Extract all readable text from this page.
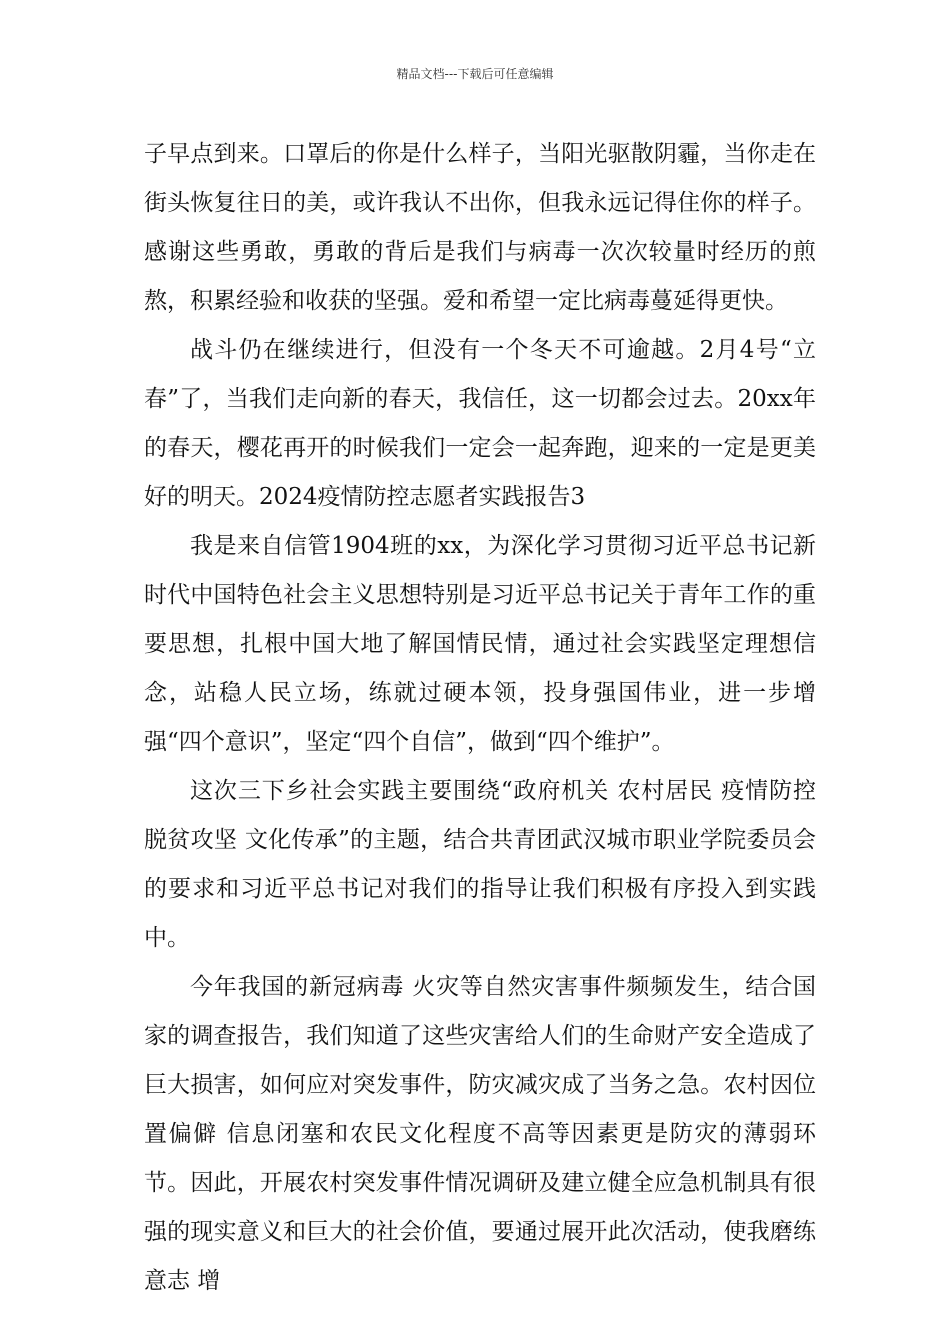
精品文档---下载后可任意编辑

子早点到来。口罩后的你是什么样子，当阳光驱散阴霾，当你走在街头恢复往日的美，或许我认不出你，但我永远记得住你的样子。感谢这些勇敢，勇敢的背后是我们与病毒一次次较量时经历的煎熬，积累经验和收获的坚强。爱和希望一定比病毒蔓延得更快。

战斗仍在继续进行，但没有一个冬天不可逾越。2月4号“立春”了，当我们走向新的春天，我信任，这一切都会过去。20xx年的春天，樱花再开的时候我们一定会一起奔跑，迎来的一定是更美好的明天。2024疫情防控志愿者实践报告3

我是来自信管1904班的xx，为深化学习贯彻习近平总书记新时代中国特色社会主义思想特别是习近平总书记关于青年工作的重要思想，扎根中国大地了解国情民情，通过社会实践坚定理想信念，站稳人民立场，练就过硬本领，投身强国伟业，进一步增强“四个意识”，坚定“四个自信”，做到“四个维护”。

这次三下乡社会实践主要围绕“政府机关 农村居民 疫情防控 脱贫攻坚 文化传承”的主题，结合共青团武汉城市职业学院委员会的要求和习近平总书记对我们的指导让我们积极有序投入到实践中。

今年我国的新冠病毒 火灾等自然灾害事件频频发生，结合国家的调查报告，我们知道了这些灾害给人们的生命财产安全造成了巨大损害，如何应对突发事件，防灾减灾成了当务之急。农村因位置偏僻 信息闭塞和农民文化程度不高等因素更是防灾的薄弱环节。因此，开展农村突发事件情况调研及建立健全应急机制具有很强的现实意义和巨大的社会价值，要通过展开此次活动，使我磨练意志 增
